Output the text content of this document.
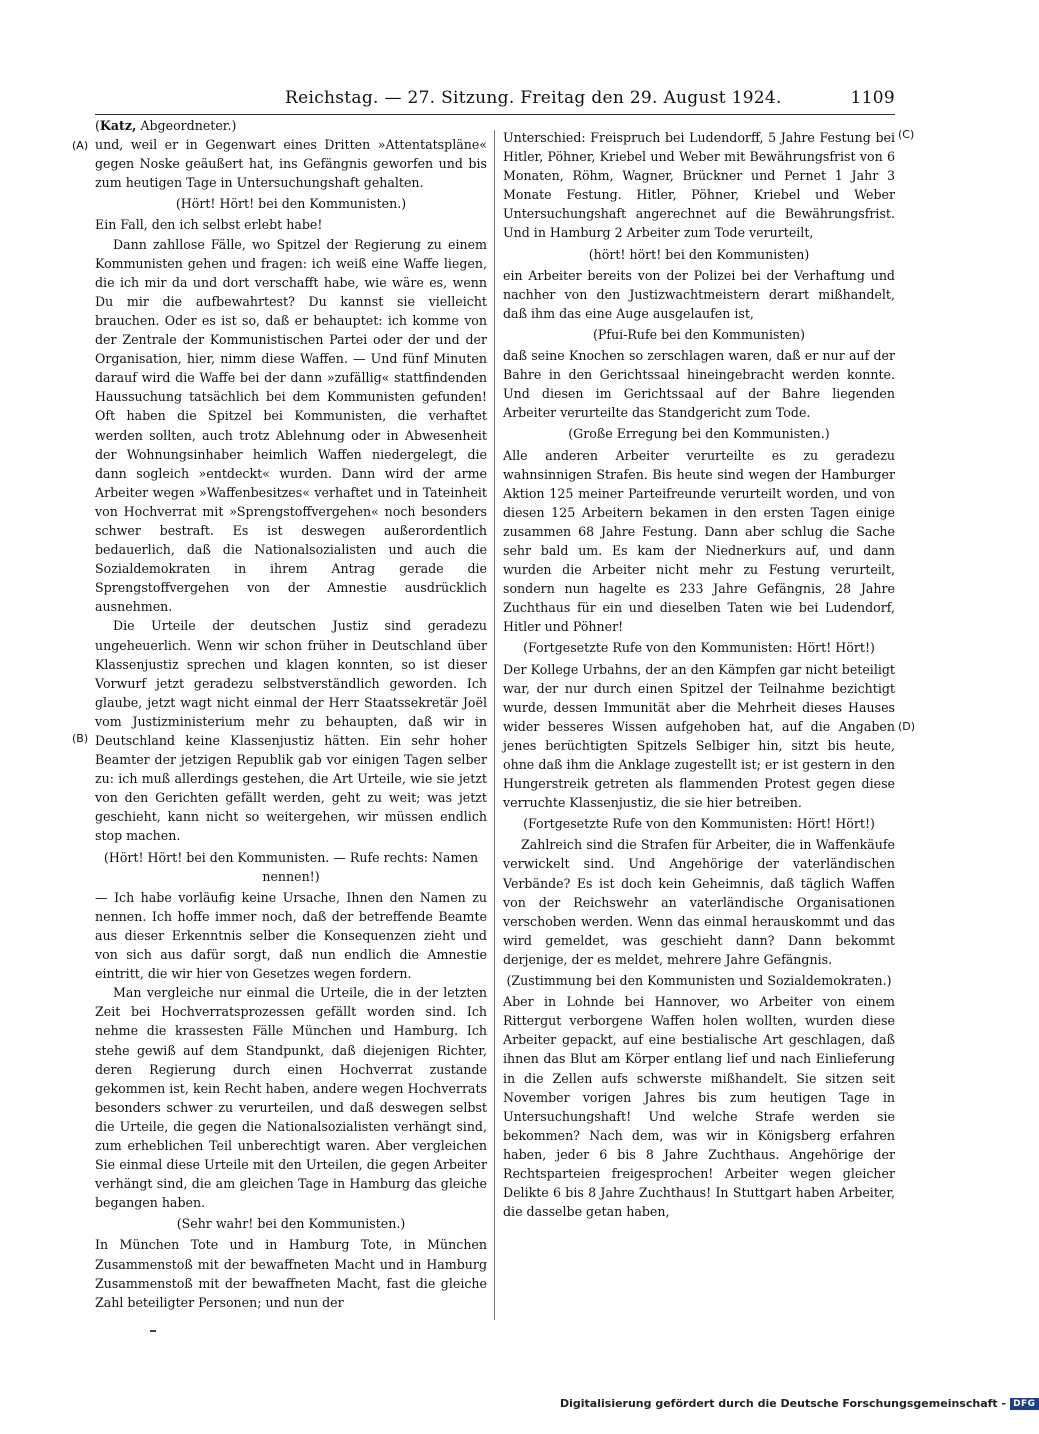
Reichstag. — 27. Sitzung. Freitag den 29. August 1924.	1109
(A)
(B)
(C)
(D)

(Katz, Abgeordneter.)

und, weil er in Gegenwart eines Dritten »Attentatspläne« gegen Noske geäußert hat, ins Gefängnis geworfen und bis zum heutigen Tage in Untersuchungshaft gehalten.

(Hört! Hört! bei den Kommunisten.)

Ein Fall, den ich selbst erlebt habe!

Dann zahllose Fälle, wo Spitzel der Regierung zu einem Kommunisten gehen und fragen: ich weiß eine Waffe liegen, die ich mir da und dort verschafft habe, wie wäre es, wenn Du mir die aufbewahrtest? Du kannst sie vielleicht brauchen. Oder es ist so, daß er behauptet: ich komme von der Zentrale der Kommunistischen Partei oder der und der Organisation, hier, nimm diese Waffen. — Und fünf Minuten darauf wird die Waffe bei der dann »zufällig« stattfindenden Haussuchung tatsächlich bei dem Kommunisten gefunden! Oft haben die Spitzel bei Kommunisten, die verhaftet werden sollten, auch trotz Ablehnung oder in Abwesenheit der Wohnungsinhaber heimlich Waffen niedergelegt, die dann sogleich »entdeckt« wurden. Dann wird der arme Arbeiter wegen »Waffenbesitzes« verhaftet und in Tateinheit von Hochverrat mit »Sprengstoffvergehen« noch besonders schwer bestraft. Es ist deswegen außerordentlich bedauerlich, daß die Nationalsozialisten und auch die Sozialdemokraten in ihrem Antrag gerade die Sprengstoffvergehen von der Amnestie ausdrücklich ausnehmen.

Die Urteile der deutschen Justiz sind geradezu ungeheuerlich. Wenn wir schon früher in Deutschland über Klassenjustiz sprechen und klagen konnten, so ist dieser Vorwurf jetzt geradezu selbstverständlich geworden. Ich glaube, jetzt wagt nicht einmal der Herr Staatssekretär Joël vom Justizministerium mehr zu behaupten, daß wir in Deutschland keine Klassenjustiz hätten. Ein sehr hoher Beamter der jetzigen Republik gab vor einigen Tagen selber zu: ich muß allerdings gestehen, die Art Urteile, wie sie jetzt von den Gerichten gefällt werden, geht zu weit; was jetzt geschieht, kann nicht so weitergehen, wir müssen endlich stop machen.

(Hört! Hört! bei den Kommunisten. — Rufe rechts: Namen nennen!)

— Ich habe vorläufig keine Ursache, Ihnen den Namen zu nennen. Ich hoffe immer noch, daß der betreffende Beamte aus dieser Erkenntnis selber die Konsequenzen zieht und von sich aus dafür sorgt, daß nun endlich die Amnestie eintritt, die wir hier von Gesetzes wegen fordern.

Man vergleiche nur einmal die Urteile, die in der letzten Zeit bei Hochverratsprozessen gefällt worden sind. Ich nehme die krassesten Fälle München und Hamburg. Ich stehe gewiß auf dem Standpunkt, daß diejenigen Richter, deren Regierung durch einen Hochverrat zustande gekommen ist, kein Recht haben, andere wegen Hochverrats besonders schwer zu verurteilen, und daß deswegen selbst die Urteile, die gegen die Nationalsozialisten verhängt sind, zum erheblichen Teil unberechtigt waren. Aber vergleichen Sie einmal diese Urteile mit den Urteilen, die gegen Arbeiter verhängt sind, die am gleichen Tage in Hamburg das gleiche begangen haben.

(Sehr wahr! bei den Kommunisten.)

In München Tote und in Hamburg Tote, in München Zusammenstoß mit der bewaffneten Macht und in Hamburg Zusammenstoß mit der bewaffneten Macht, fast die gleiche Zahl beteiligter Personen; und nun der

Unterschied: Freispruch bei Ludendorff, 5 Jahre Festung bei Hitler, Pöhner, Kriebel und Weber mit Bewährungsfrist von 6 Monaten, Röhm, Wagner, Brückner und Pernet 1 Jahr 3 Monate Festung. Hitler, Pöhner, Kriebel und Weber Untersuchungshaft angerechnet auf die Bewährungsfrist. Und in Hamburg 2 Arbeiter zum Tode verurteilt,

(hört! hört! bei den Kommunisten)

ein Arbeiter bereits von der Polizei bei der Verhaftung und nachher von den Justizwachtmeistern derart mißhandelt, daß ihm das eine Auge ausgelaufen ist,

(Pfui-Rufe bei den Kommunisten)

daß seine Knochen so zerschlagen waren, daß er nur auf der Bahre in den Gerichtssaal hineingebracht werden konnte. Und diesen im Gerichtssaal auf der Bahre liegenden Arbeiter verurteilte das Standgericht zum Tode.

(Große Erregung bei den Kommunisten.)

Alle anderen Arbeiter verurteilte es zu geradezu wahnsinnigen Strafen. Bis heute sind wegen der Hamburger Aktion 125 meiner Parteifreunde verurteilt worden, und von diesen 125 Arbeitern bekamen in den ersten Tagen einige zusammen 68 Jahre Festung. Dann aber schlug die Sache sehr bald um. Es kam der Niednerkurs auf, und dann wurden die Arbeiter nicht mehr zu Festung verurteilt, sondern nun hagelte es 233 Jahre Gefängnis, 28 Jahre Zuchthaus für ein und dieselben Taten wie bei Ludendorf, Hitler und Pöhner!

(Fortgesetzte Rufe von den Kommunisten: Hört! Hört!)

Der Kollege Urbahns, der an den Kämpfen gar nicht beteiligt war, der nur durch einen Spitzel der Teilnahme bezichtigt wurde, dessen Immunität aber die Mehrheit dieses Hauses wider besseres Wissen aufgehoben hat, auf die Angaben jenes berüchtigten Spitzels Selbiger hin, sitzt bis heute, ohne daß ihm die Anklage zugestellt ist; er ist gestern in den Hungerstreik getreten als flammenden Protest gegen diese verruchte Klassenjustiz, die sie hier betreiben.

(Fortgesetzte Rufe von den Kommunisten: Hört! Hört!)

Zahlreich sind die Strafen für Arbeiter, die in Waffenkäufe verwickelt sind. Und Angehörige der vaterländischen Verbände? Es ist doch kein Geheimnis, daß täglich Waffen von der Reichswehr an vaterländische Organisationen verschoben werden. Wenn das einmal herauskommt und das wird gemeldet, was geschieht dann? Dann bekommt derjenige, der es meldet, mehrere Jahre Gefängnis.

(Zustimmung bei den Kommunisten und Sozialdemokraten.)

Aber in Lohnde bei Hannover, wo Arbeiter von einem Rittergut verborgene Waffen holen wollten, wurden diese Arbeiter gepackt, auf eine bestialische Art geschlagen, daß ihnen das Blut am Körper entlang lief und nach Einlieferung in die Zellen aufs schwerste mißhandelt. Sie sitzen seit November vorigen Jahres bis zum heutigen Tage in Untersuchungshaft! Und welche Strafe werden sie bekommen? Nach dem, was wir in Königsberg erfahren haben, jeder 6 bis 8 Jahre Zuchthaus. Angehörige der Rechtsparteien freigesprochen! Arbeiter wegen gleicher Delikte 6 bis 8 Jahre Zuchthaus! In Stuttgart haben Arbeiter, die dasselbe getan haben,

Digitalisierung gefördert durch die Deutsche Forschungsgemeinschaft - DFG
